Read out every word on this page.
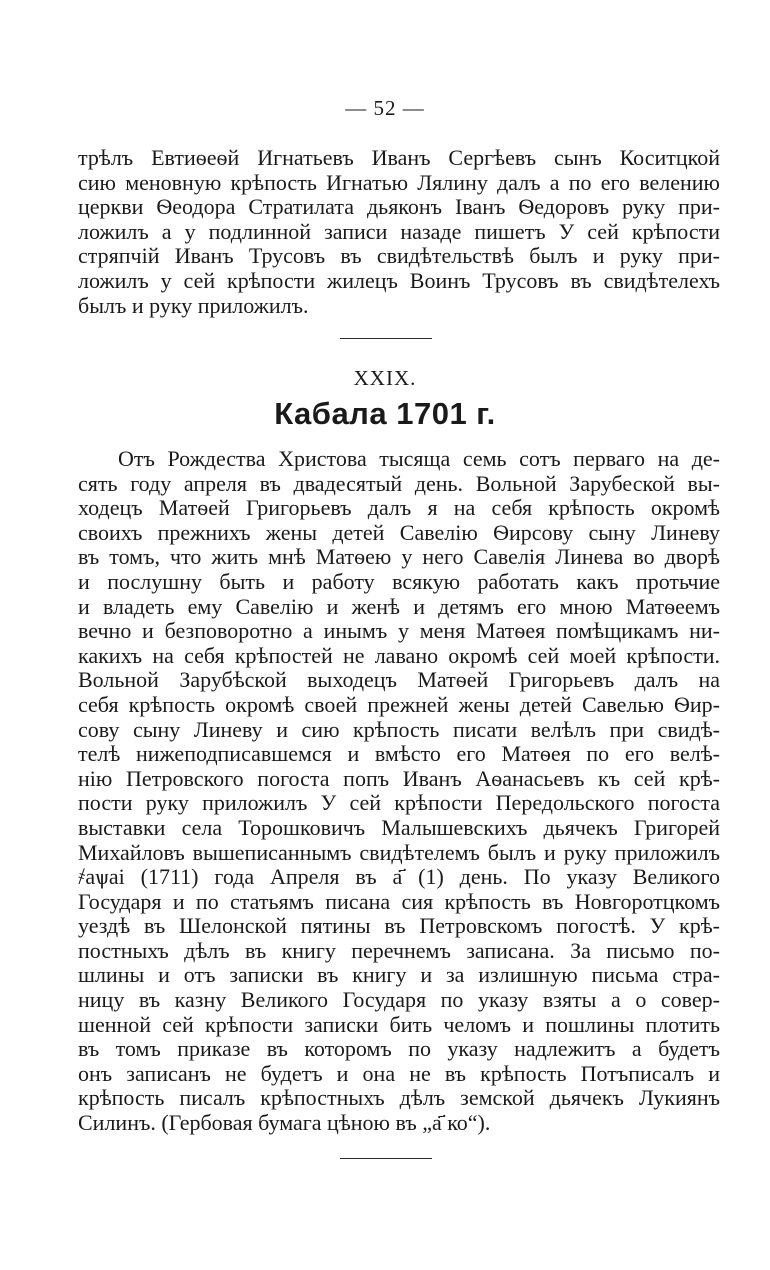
— 52 —
трѣлъ Евтиѳеѳй Игнатьевъ Иванъ Сергѣевъ сынъ Коситцкой
сию меновную крѣпость Игнатью Лялину далъ а по его велению
церкви Ѳеодора Стратилата дьяконъ Іванъ Ѳедоровъ руку при-
ложилъ а у подлинной записи назаде пишетъ У сей крѣпости
стряпчій Иванъ Трусовъ въ свидѣтельствѣ былъ и руку при-
ложилъ у сей крѣпости жилецъ Воинъ Трусовъ въ свидѣтелехъ
былъ и руку приложилъ.
XXIX.
Кабала 1701 г.
Отъ Рождества Христова тысяща семь сотъ перваго на де-
сять году апреля въ двадесятый день. Вольной Зарубеской вы-
ходецъ Матѳей Григорьевъ далъ я на себя крѣпость окромѣ
своихъ прежнихъ жены детей Савелію Ѳирсову сыну Линеву
въ томъ, что жить мнѣ Матѳею у него Савелія Линева во дворѣ
и послушну быть и работу всякую работать какъ протьчие
и владеть ему Савелію и женѣ и детямъ его мною Матѳеемъ
вечно и безповоротно а инымъ у меня Матѳея помѣщикамъ ни-
какихъ на себя крѣпостей не лавано окромѣ сей моей крѣпости.
Вольной Зарубѣской выходецъ Матѳей Григорьевъ далъ на
себя крѣпость окромѣ своей прежней жены детей Савелью Ѳир-
сову сыну Линеву и сию крѣпость писати велѣлъ при свидѣ-
телѣ нижеподписавшемся и вмѣсто его Матѳея по его велѣ-
нію Петровского погоста попъ Иванъ Аѳанасьевъ къ сей крѣ-
пости руку приложилъ У сей крѣпости Передольского погоста
выставки села Торошковичъ Малышевскихъ дьячекъ Григорей
Михайловъ вышеписаннымъ свидѣтелемъ былъ и руку приложилъ
҂аѱаі (1711) года Апреля въ а҃ (1) день. По указу Великого
Государя и по статьямъ писана сия крѣпость въ Новгоротцкомъ
уездѣ въ Шелонской пятины въ Петровскомъ погостѣ. У крѣ-
постныхъ дѣлъ въ книгу перечнемъ записана. За письмо по-
шлины и отъ записки въ книгу и за излишную письма стра-
ницу въ казну Великого Государя по указу взяты а о совер-
шенной сей крѣпости записки бить челомъ и пошлины плотить
въ томъ приказе въ которомъ по указу надлежитъ а будетъ
онъ записанъ не будетъ и она не въ крѣпость Потъписалъ и
крѣпость писалъ крѣпостныхъ дѣлъ земской дьячекъ Лукиянъ
Силинъ. (Гербовая бумага цѣною въ „а҃ ко“).
